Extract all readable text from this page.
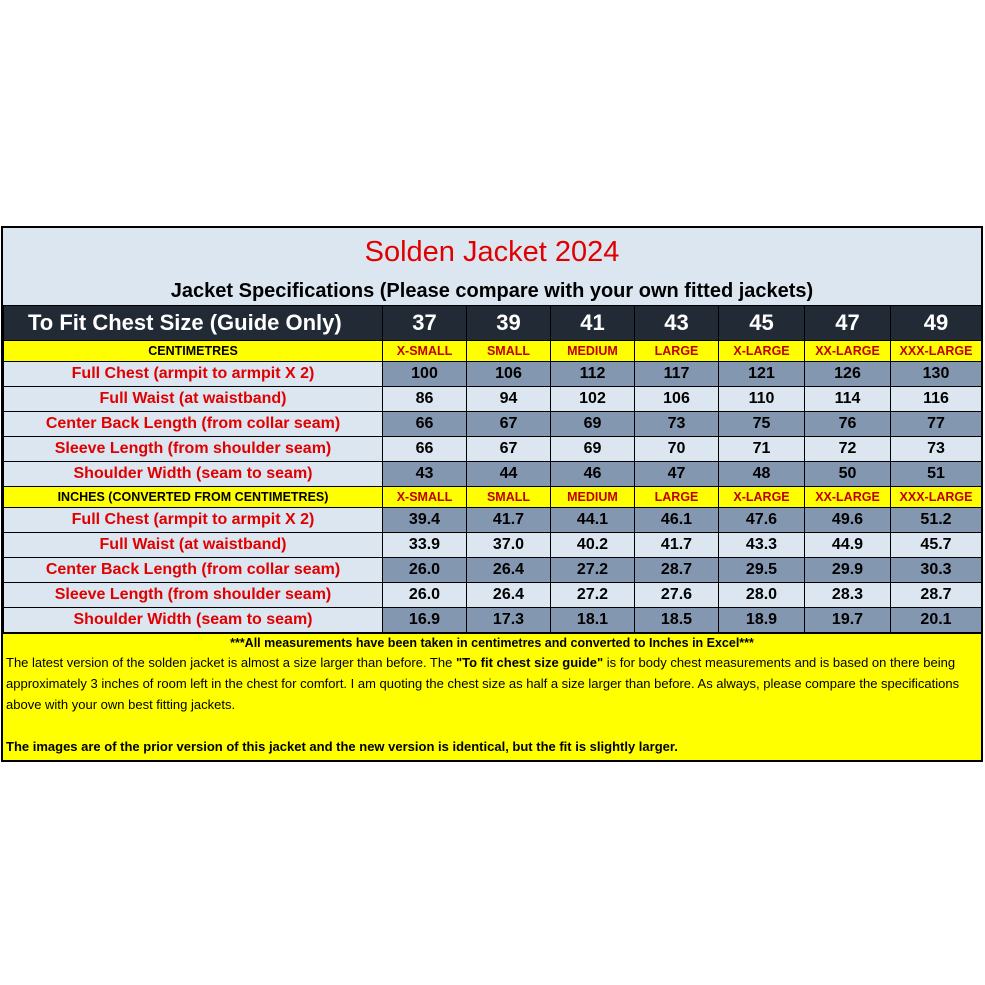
Solden Jacket 2024
Jacket Specifications (Please compare with your own fitted jackets)
To Fit Chest Size (Guide Only)	37	39	41	43	45	47	49
CENTIMETRES	X-SMALL	SMALL	MEDIUM	LARGE	X-LARGE	XX-LARGE	XXX-LARGE
Full Chest (armpit to armpit X 2)	100	106	112	117	121	126	130
Full Waist (at waistband)	86	94	102	106	110	114	116
Center Back Length (from collar seam)	66	67	69	73	75	76	77
Sleeve Length (from shoulder seam)	66	67	69	70	71	72	73
Shoulder Width (seam to seam)	43	44	46	47	48	50	51
INCHES (CONVERTED FROM CENTIMETRES)	X-SMALL	SMALL	MEDIUM	LARGE	X-LARGE	XX-LARGE	XXX-LARGE
Full Chest (armpit to armpit X 2)	39.4	41.7	44.1	46.1	47.6	49.6	51.2
Full Waist (at waistband)	33.9	37.0	40.2	41.7	43.3	44.9	45.7
Center Back Length (from collar seam)	26.0	26.4	27.2	28.7	29.5	29.9	30.3
Sleeve Length (from shoulder seam)	26.0	26.4	27.2	27.6	28.0	28.3	28.7
Shoulder Width (seam to seam)	16.9	17.3	18.1	18.5	18.9	19.7	20.1
***All measurements have been taken in centimetres and converted to Inches in Excel***
The latest version of the solden jacket is almost a size larger than before. The "To fit chest size guide" is for body chest measurements and is based on there being approximately 3 inches of room left in the chest for comfort. I am quoting the chest size as half a size larger than before. As always, please compare the specifications above with your own best fitting jackets.
The images are of the prior version of this jacket and the new version is identical, but the fit is slightly larger.
